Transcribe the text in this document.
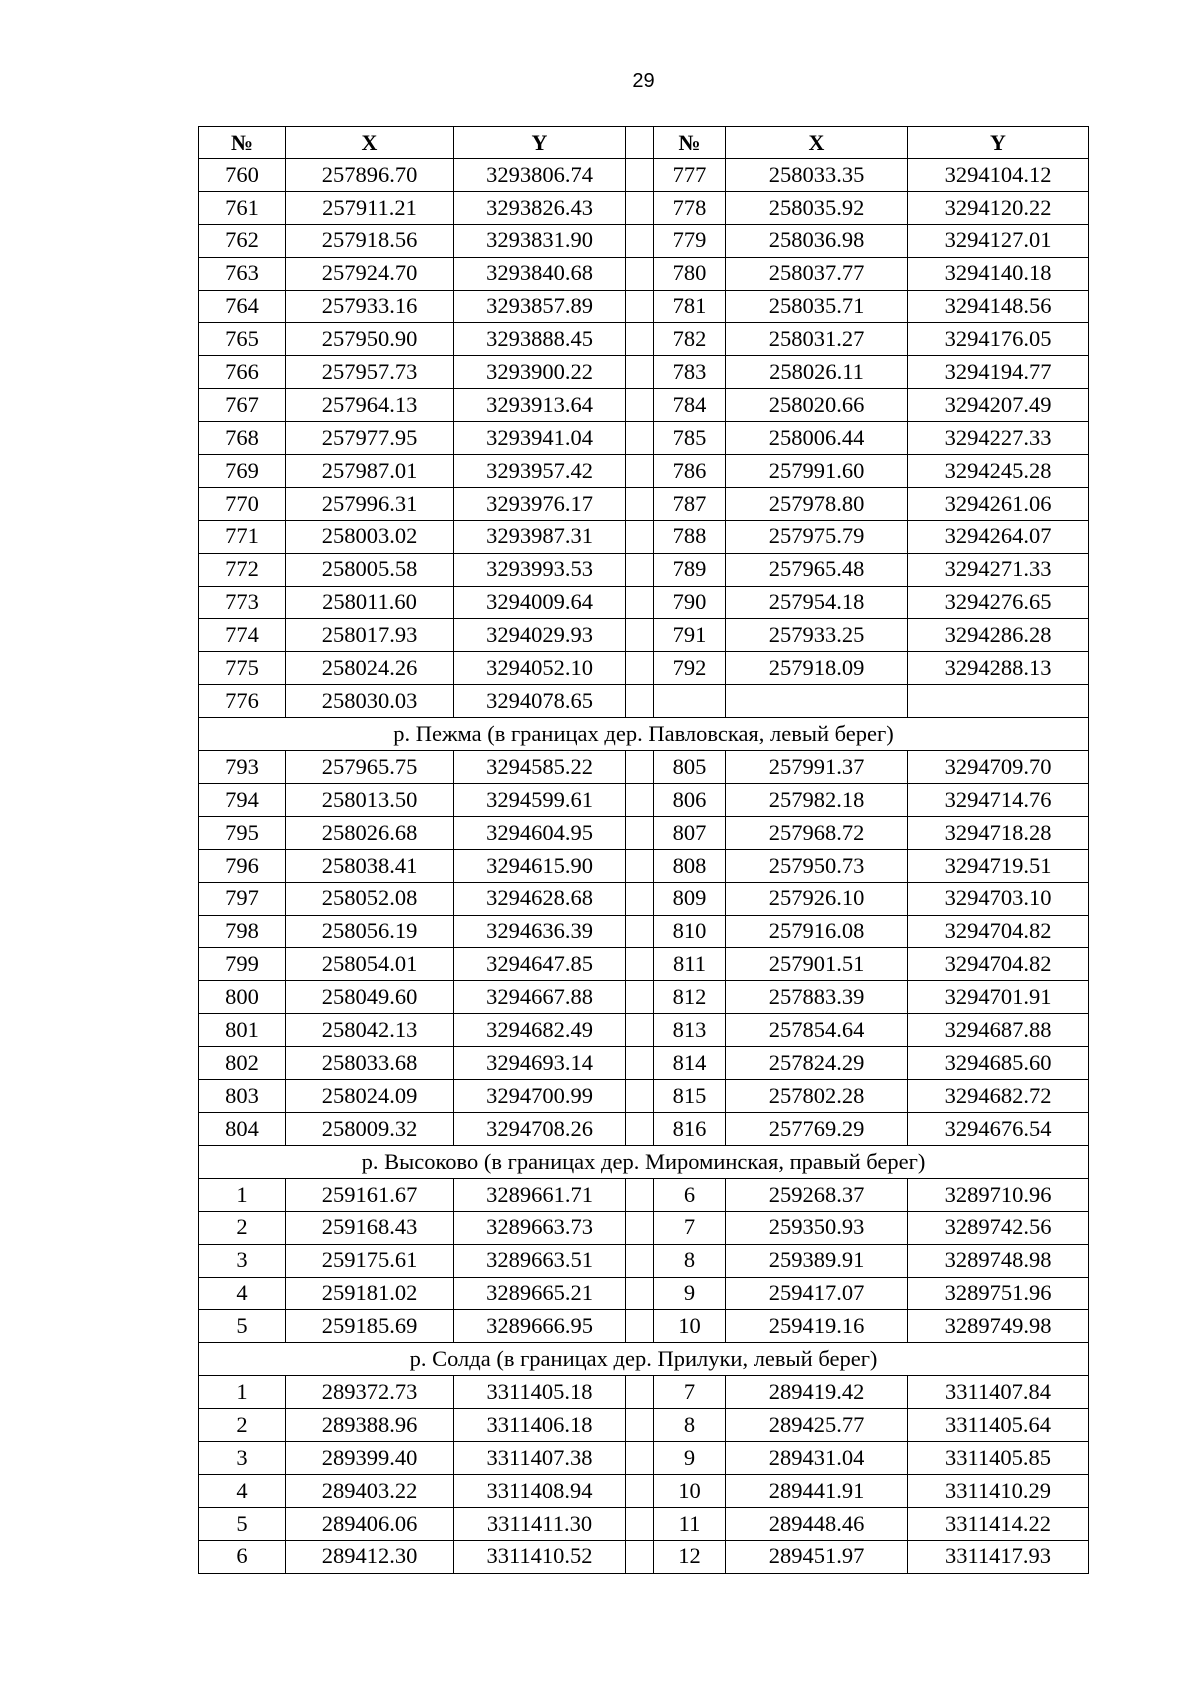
29
№	X	Y		№	X	Y
760	257896.70	3293806.74		777	258033.35	3294104.12
761	257911.21	3293826.43		778	258035.92	3294120.22
762	257918.56	3293831.90		779	258036.98	3294127.01
763	257924.70	3293840.68		780	258037.77	3294140.18
764	257933.16	3293857.89		781	258035.71	3294148.56
765	257950.90	3293888.45		782	258031.27	3294176.05
766	257957.73	3293900.22		783	258026.11	3294194.77
767	257964.13	3293913.64		784	258020.66	3294207.49
768	257977.95	3293941.04		785	258006.44	3294227.33
769	257987.01	3293957.42		786	257991.60	3294245.28
770	257996.31	3293976.17		787	257978.80	3294261.06
771	258003.02	3293987.31		788	257975.79	3294264.07
772	258005.58	3293993.53		789	257965.48	3294271.33
773	258011.60	3294009.64		790	257954.18	3294276.65
774	258017.93	3294029.93		791	257933.25	3294286.28
775	258024.26	3294052.10		792	257918.09	3294288.13
776	258030.03	3294078.65				
р. Пежма (в границах дер. Павловская, левый берег)						
793	257965.75	3294585.22		805	257991.37	3294709.70
794	258013.50	3294599.61		806	257982.18	3294714.76
795	258026.68	3294604.95		807	257968.72	3294718.28
796	258038.41	3294615.90		808	257950.73	3294719.51
797	258052.08	3294628.68		809	257926.10	3294703.10
798	258056.19	3294636.39		810	257916.08	3294704.82
799	258054.01	3294647.85		811	257901.51	3294704.82
800	258049.60	3294667.88		812	257883.39	3294701.91
801	258042.13	3294682.49		813	257854.64	3294687.88
802	258033.68	3294693.14		814	257824.29	3294685.60
803	258024.09	3294700.99		815	257802.28	3294682.72
804	258009.32	3294708.26		816	257769.29	3294676.54
р. Высоково (в границах дер. Мироминская, правый берег)						
1	259161.67	3289661.71		6	259268.37	3289710.96
2	259168.43	3289663.73		7	259350.93	3289742.56
3	259175.61	3289663.51		8	259389.91	3289748.98
4	259181.02	3289665.21		9	259417.07	3289751.96
5	259185.69	3289666.95		10	259419.16	3289749.98
р. Солда (в границах дер. Прилуки, левый берег)						
1	289372.73	3311405.18		7	289419.42	3311407.84
2	289388.96	3311406.18		8	289425.77	3311405.64
3	289399.40	3311407.38		9	289431.04	3311405.85
4	289403.22	3311408.94		10	289441.91	3311410.29
5	289406.06	3311411.30		11	289448.46	3311414.22
6	289412.30	3311410.52		12	289451.97	3311417.93
